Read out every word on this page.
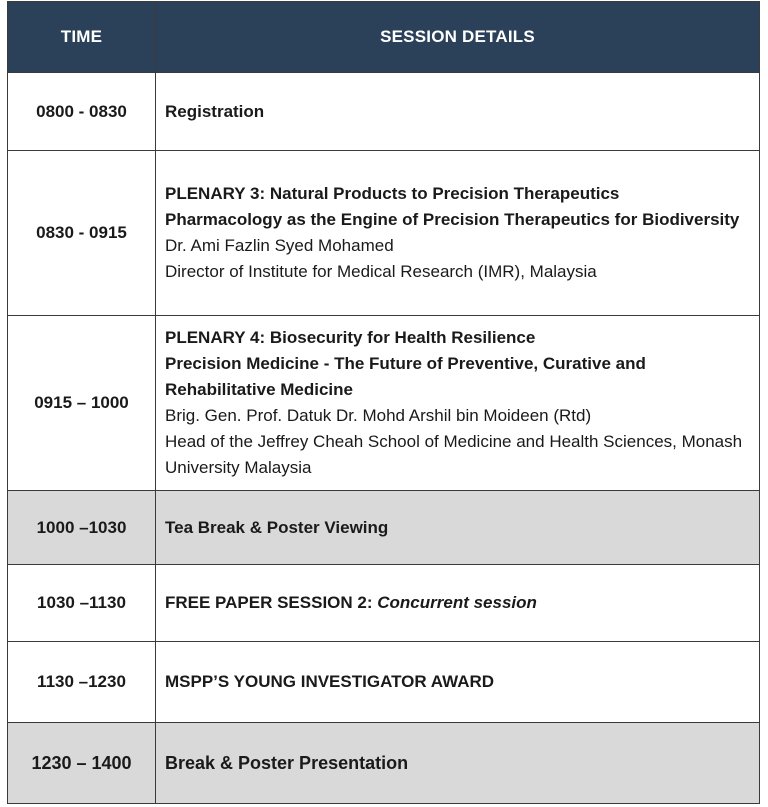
TIME	SESSION DETAILS
0800 - 0830	Registration

0830 - 0915	PLENARY 3: Natural Products to Precision Therapeutics
Pharmacology as the Engine of Precision Therapeutics for Biodiversity
Dr. Ami Fazlin Syed Mohamed
Director of Institute for Medical Research (IMR), Malaysia

0915 – 1000	PLENARY 4: Biosecurity for Health Resilience
Precision Medicine - The Future of Preventive, Curative and Rehabilitative Medicine
Brig. Gen. Prof. Datuk Dr. Mohd Arshil bin Moideen (Rtd)
Head of the Jeffrey Cheah School of Medicine and Health Sciences, Monash University Malaysia

1000 –1030	Tea Break & Poster Viewing

1030 –1130	FREE PAPER SESSION 2: Concurrent session
1130 –1230	MSPP’S YOUNG INVESTIGATOR AWARD

1230 – 1400	Break & Poster Presentation
